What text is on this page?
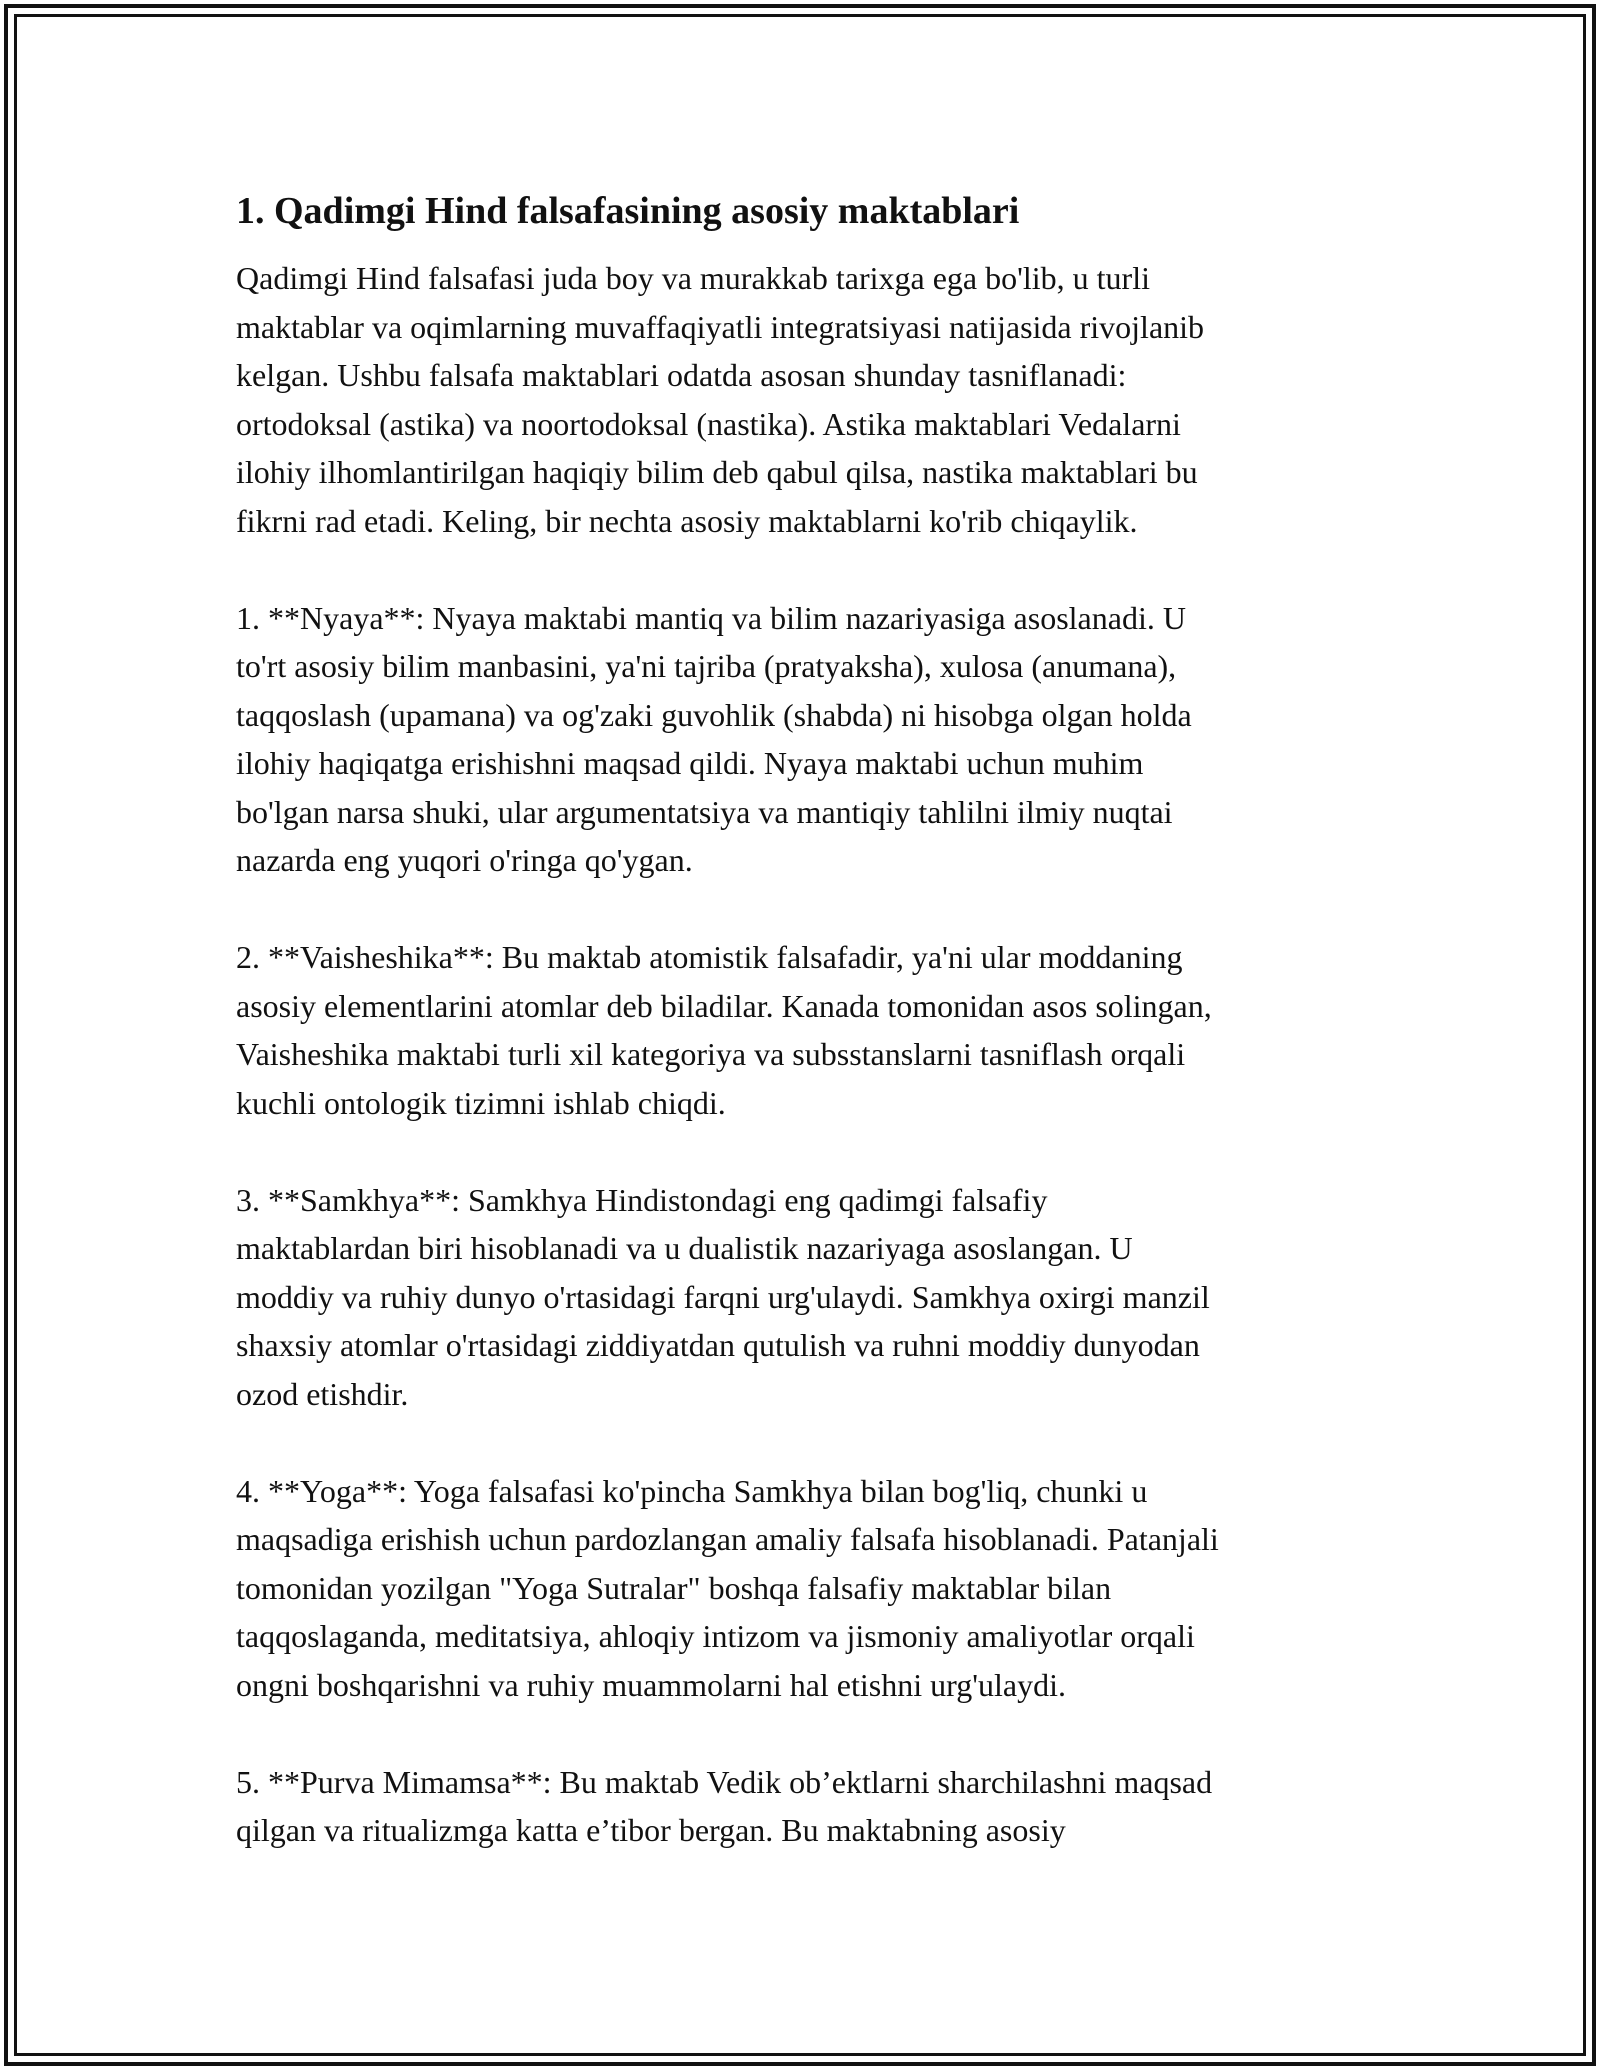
1. Qadimgi Hind falsafasining asosiy maktablari

Qadimgi Hind falsafasi juda boy va murakkab tarixga ega bo'lib, u turli
maktablar va oqimlarning muvaffaqiyatli integratsiyasi natijasida rivojlanib
kelgan. Ushbu falsafa maktablari odatda asosan shunday tasniflanadi:
ortodoksal (astika) va noortodoksal (nastika). Astika maktablari Vedalarni
ilohiy ilhomlantirilgan haqiqiy bilim deb qabul qilsa, nastika maktablari bu
fikrni rad etadi. Keling, bir nechta asosiy maktablarni ko'rib chiqaylik.

1. **Nyaya**: Nyaya maktabi mantiq va bilim nazariyasiga asoslanadi. U
to'rt asosiy bilim manbasini, ya'ni tajriba (pratyaksha), xulosa (anumana),
taqqoslash (upamana) va og'zaki guvohlik (shabda) ni hisobga olgan holda
ilohiy haqiqatga erishishni maqsad qildi. Nyaya maktabi uchun muhim
bo'lgan narsa shuki, ular argumentatsiya va mantiqiy tahlilni ilmiy nuqtai
nazarda eng yuqori o'ringa qo'ygan.

2. **Vaisheshika**: Bu maktab atomistik falsafadir, ya'ni ular moddaning
asosiy elementlarini atomlar deb biladilar. Kanada tomonidan asos solingan,
Vaisheshika maktabi turli xil kategoriya va subsstanslarni tasniflash orqali
kuchli ontologik tizimni ishlab chiqdi.

3. **Samkhya**: Samkhya Hindistondagi eng qadimgi falsafiy
maktablardan biri hisoblanadi va u dualistik nazariyaga asoslangan. U
moddiy va ruhiy dunyo o'rtasidagi farqni urg'ulaydi. Samkhya oxirgi manzil
shaxsiy atomlar o'rtasidagi ziddiyatdan qutulish va ruhni moddiy dunyodan
ozod etishdir.

4. **Yoga**: Yoga falsafasi ko'pincha Samkhya bilan bog'liq, chunki u
maqsadiga erishish uchun pardozlangan amaliy falsafa hisoblanadi. Patanjali
tomonidan yozilgan "Yoga Sutralar" boshqa falsafiy maktablar bilan
taqqoslaganda, meditatsiya, ahloqiy intizom va jismoniy amaliyotlar orqali
ongni boshqarishni va ruhiy muammolarni hal etishni urg'ulaydi.

5. **Purva Mimamsa**: Bu maktab Vedik ob’ektlarni sharchilashni maqsad
qilgan va ritualizmga katta e’tibor bergan. Bu maktabning asosiy
